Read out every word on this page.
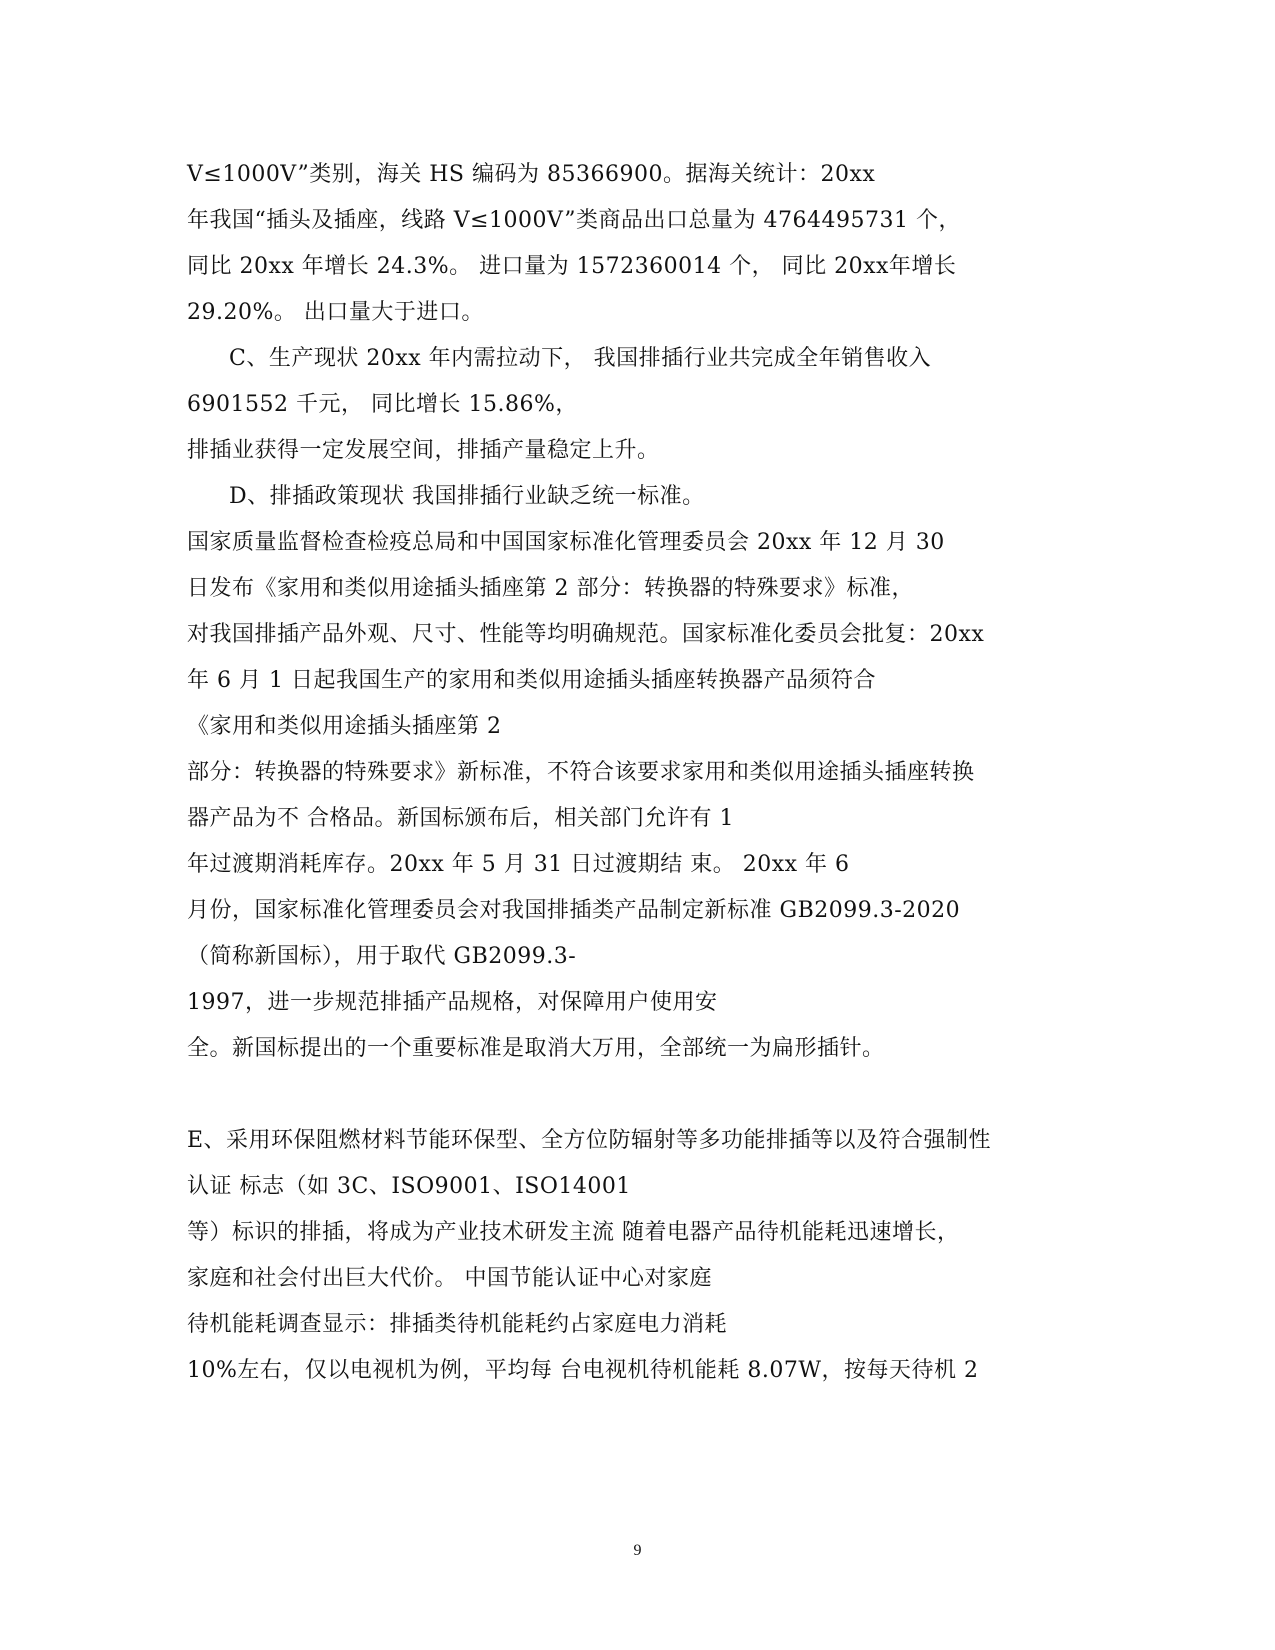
V≤1000V”类别，海关 HS 编码为 85366900。据海关统计：20xx
年我国“插头及插座，线路 V≤1000V”类商品出口总量为 4764495731 个，
同比 20xx 年增长 24.3%。 进口量为 1572360014 个， 同比 20xx年增长
29.20%。 出口量大于进口。
C、生产现状 20xx 年内需拉动下， 我国排插行业共完成全年销售收入
6901552 千元， 同比增长 15.86%，
排插业获得一定发展空间，排插产量稳定上升。
D、排插政策现状 我国排插行业缺乏统一标准。
国家质量监督检查检疫总局和中国国家标准化管理委员会 20xx 年 12 月 30
日发布《家用和类似用途插头插座第 2 部分：转换器的特殊要求》标准，
对我国排插产品外观、尺寸、性能等均明确规范。国家标准化委员会批复：20xx
年 6 月 1 日起我国生产的家用和类似用途插头插座转换器产品须符合
《家用和类似用途插头插座第 2
部分：转换器的特殊要求》新标准，不符合该要求家用和类似用途插头插座转换
器产品为不 合格品。新国标颁布后，相关部门允许有 1
年过渡期消耗库存。20xx 年 5 月 31 日过渡期结 束。 20xx 年 6
月份，国家标准化管理委员会对我国排插类产品制定新标准 GB2099.3-2020
（简称新国标），用于取代 GB2099.3-
1997，进一步规范排插产品规格，对保障用户使用安
全。新国标提出的一个重要标准是取消大万用，全部统一为扁形插针。
E、采用环保阻燃材料节能环保型、全方位防辐射等多功能排插等以及符合强制性
认证 标志（如 3C、ISO9001、ISO14001
等）标识的排插，将成为产业技术研发主流 随着电器产品待机能耗迅速增长，
家庭和社会付出巨大代价。 中国节能认证中心对家庭
待机能耗调查显示：排插类待机能耗约占家庭电力消耗
10%左右，仅以电视机为例，平均每 台电视机待机能耗 8.07W，按每天待机 2
9
